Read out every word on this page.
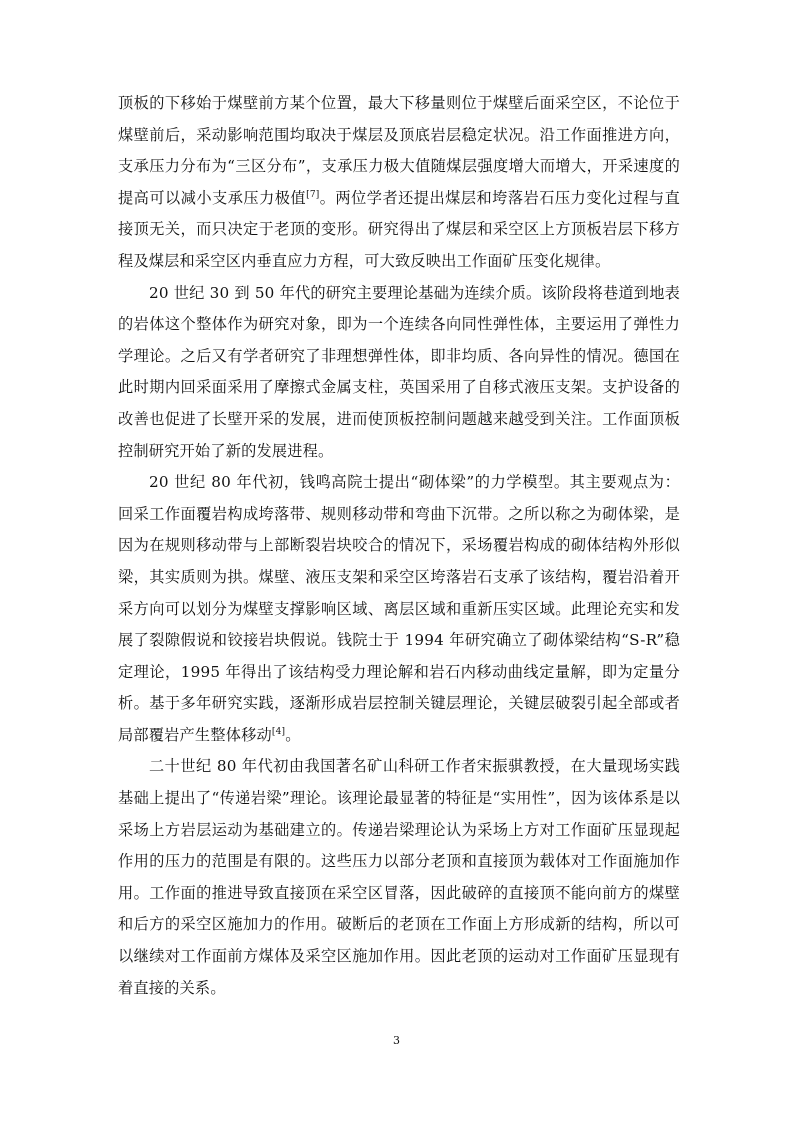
顶板的下移始于煤壁前方某个位置，最大下移量则位于煤壁后面采空区，不论位于煤壁前后，采动影响范围均取决于煤层及顶底岩层稳定状况。沿工作面推进方向，支承压力分布为“三区分布”，支承压力极大值随煤层强度增大而增大，开采速度的提高可以减小支承压力极值[7]。两位学者还提出煤层和垮落岩石压力变化过程与直接顶无关，而只决定于老顶的变形。研究得出了煤层和采空区上方顶板岩层下移方程及煤层和采空区内垂直应力方程，可大致反映出工作面矿压变化规律。

20 世纪 30 到 50 年代的研究主要理论基础为连续介质。该阶段将巷道到地表的岩体这个整体作为研究对象，即为一个连续各向同性弹性体，主要运用了弹性力学理论。之后又有学者研究了非理想弹性体，即非均质、各向异性的情况。德国在此时期内回采面采用了摩擦式金属支柱，英国采用了自移式液压支架。支护设备的改善也促进了长壁开采的发展，进而使顶板控制问题越来越受到关注。工作面顶板控制研究开始了新的发展进程。

20 世纪 80 年代初，钱鸣高院士提出“砌体梁”的力学模型。其主要观点为：回采工作面覆岩构成垮落带、规则移动带和弯曲下沉带。之所以称之为砌体梁，是因为在规则移动带与上部断裂岩块咬合的情况下，采场覆岩构成的砌体结构外形似梁，其实质则为拱。煤壁、液压支架和采空区垮落岩石支承了该结构，覆岩沿着开采方向可以划分为煤壁支撑影响区域、离层区域和重新压实区域。此理论充实和发展了裂隙假说和铰接岩块假说。钱院士于 1994 年研究确立了砌体梁结构“S-R”稳定理论，1995 年得出了该结构受力理论解和岩石内移动曲线定量解，即为定量分析。基于多年研究实践，逐渐形成岩层控制关键层理论，关键层破裂引起全部或者局部覆岩产生整体移动[4]。

二十世纪 80 年代初由我国著名矿山科研工作者宋振骐教授，在大量现场实践基础上提出了“传递岩梁”理论。该理论最显著的特征是“实用性”，因为该体系是以采场上方岩层运动为基础建立的。传递岩梁理论认为采场上方对工作面矿压显现起作用的压力的范围是有限的。这些压力以部分老顶和直接顶为载体对工作面施加作用。工作面的推进导致直接顶在采空区冒落，因此破碎的直接顶不能向前方的煤壁和后方的采空区施加力的作用。破断后的老顶在工作面上方形成新的结构，所以可以继续对工作面前方煤体及采空区施加作用。因此老顶的运动对工作面矿压显现有着直接的关系。

3
